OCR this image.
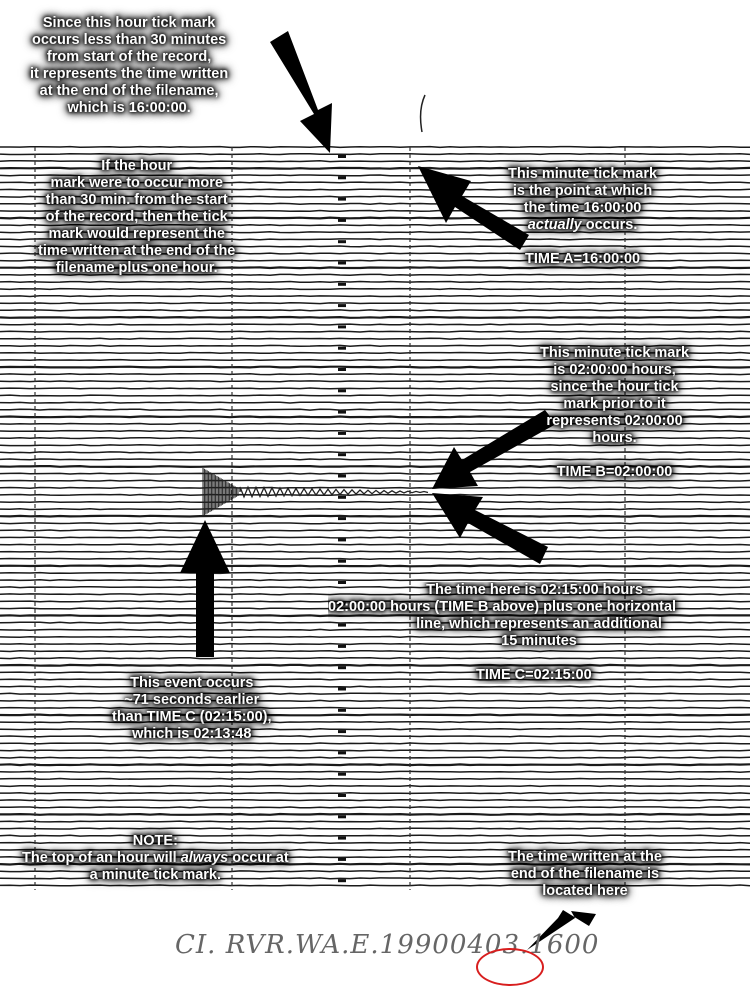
Since this hour tick mark
occurs less than 30 minutes
from start of the record,
it represents the time written
at the end of the filename,
which is 16:00:00.
If the hour
mark were to occur more
than 30 min. from the start
of the record, then the tick
mark would represent the
time written at the end of the
filename plus one hour.
This minute tick mark
is the point at which
the time 16:00:00
actually occurs.
TIME A=16:00:00
This minute tick mark
is 02:00:00 hours,
since the hour tick
mark prior to it
represents 02:00:00
hours.
TIME B=02:00:00
The time here is 02:15:00 hours -
02:00:00 hours (TIME B above) plus one horizontal
line, which represents an additional
15 minutes
TIME C=02:15:00
This event occurs
~71 seconds earlier
than TIME C (02:15:00),
which is 02:13:48
NOTE:
The top of an hour will always occur at
a minute tick mark.
The time written at the
end of the filename is
located here
CI. RVR.WA.E.19900403.1600
